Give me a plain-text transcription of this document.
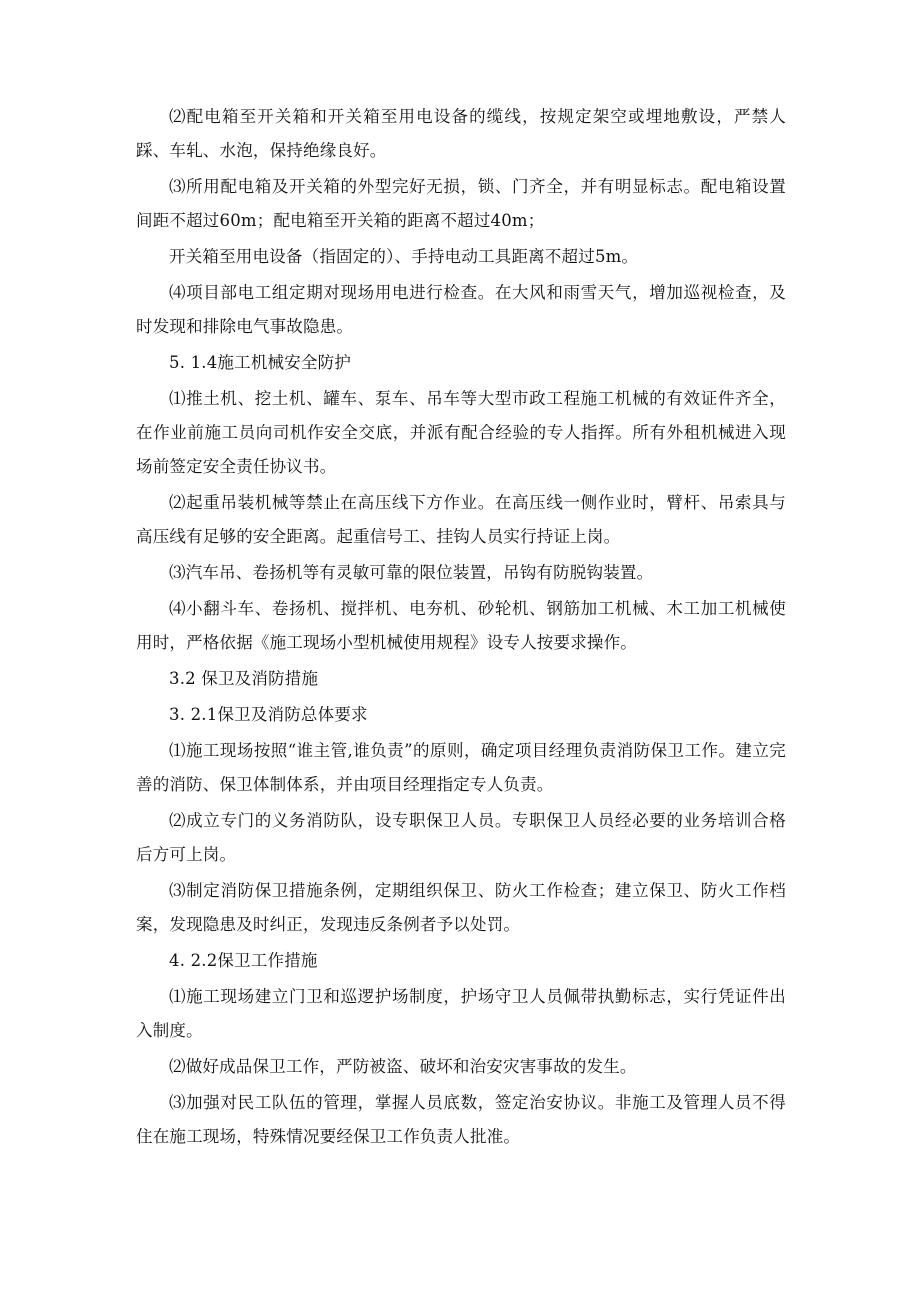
⑵配电箱至开关箱和开关箱至用电设备的缆线，按规定架空或埋地敷设，严禁人踩、车轧、水泡，保持绝缘良好。

⑶所用配电箱及开关箱的外型完好无损，锁、门齐全，并有明显标志。配电箱设置间距不超过60m；配电箱至开关箱的距离不超过40m；

开关箱至用电设备（指固定的）、手持电动工具距离不超过5m。

⑷项目部电工组定期对现场用电进行检查。在大风和雨雪天气，增加巡视检查，及时发现和排除电气事故隐患。

5. 1.4施工机械安全防护

⑴推土机、挖土机、罐车、泵车、吊车等大型市政工程施工机械的有效证件齐全，在作业前施工员向司机作安全交底，并派有配合经验的专人指挥。所有外租机械进入现场前签定安全责任协议书。

⑵起重吊装机械等禁止在高压线下方作业。在高压线一侧作业时，臂杆、吊索具与高压线有足够的安全距离。起重信号工、挂钩人员实行持证上岗。

⑶汽车吊、卷扬机等有灵敏可靠的限位装置，吊钩有防脱钩装置。

⑷小翻斗车、卷扬机、搅拌机、电夯机、砂轮机、钢筋加工机械、木工加工机械使用时，严格依据《施工现场小型机械使用规程》设专人按要求操作。

3.2 保卫及消防措施

3. 2.1保卫及消防总体要求

⑴施工现场按照“谁主管,谁负责”的原则，确定项目经理负责消防保卫工作。建立完善的消防、保卫体制体系，并由项目经理指定专人负责。

⑵成立专门的义务消防队，设专职保卫人员。专职保卫人员经必要的业务培训合格后方可上岗。

⑶制定消防保卫措施条例，定期组织保卫、防火工作检查；建立保卫、防火工作档案，发现隐患及时纠正，发现违反条例者予以处罚。

4. 2.2保卫工作措施

⑴施工现场建立门卫和巡逻护场制度，护场守卫人员佩带执勤标志，实行凭证件出入制度。

⑵做好成品保卫工作，严防被盗、破坏和治安灾害事故的发生。

⑶加强对民工队伍的管理，掌握人员底数，签定治安协议。非施工及管理人员不得住在施工现场，特殊情况要经保卫工作负责人批准。
